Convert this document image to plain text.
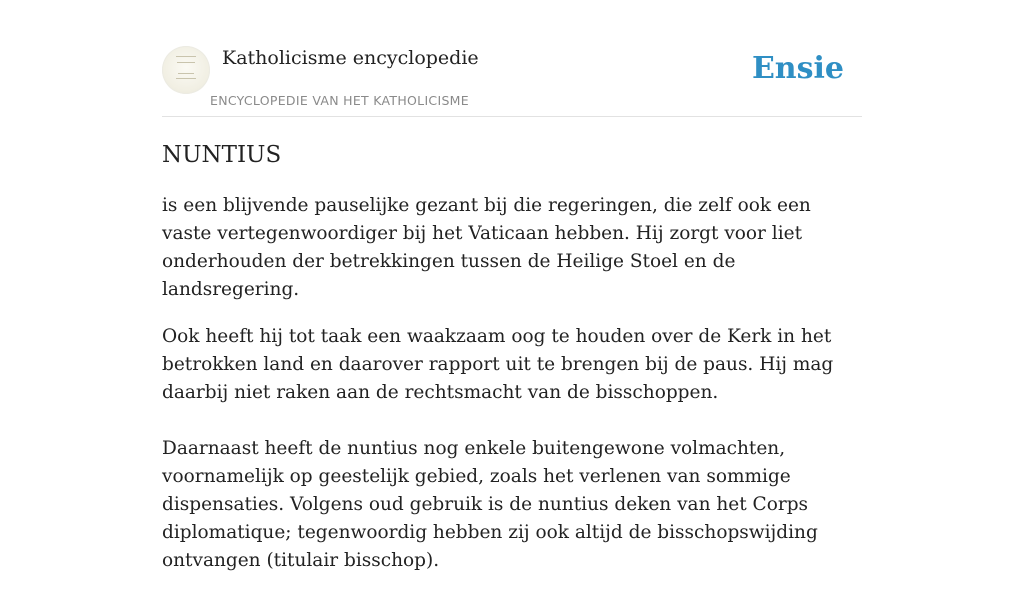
Katholicisme encyclopedie
ENCYCLOPEDIE VAN HET KATHOLICISME
Ensie
NUNTIUS

is een blijvende pauselijke gezant bij die regeringen, die zelf ook een vaste vertegenwoordiger bij het Vaticaan hebben. Hij zorgt voor liet onderhouden der betrekkingen tussen de Heilige Stoel en de landsregering.

Ook heeft hij tot taak een waakzaam oog te houden over de Kerk in het betrokken land en daarover rapport uit te brengen bij de paus. Hij mag daarbij niet raken aan de rechtsmacht van de bisschoppen.

Daarnaast heeft de nuntius nog enkele buitengewone volmachten, voornamelijk op geestelijk gebied, zoals het verlenen van sommige dispensaties. Volgens oud gebruik is de nuntius deken van het Corps diplomatique; tegenwoordig hebben zij ook altijd de bisschopswijding ontvangen (titulair bisschop).
